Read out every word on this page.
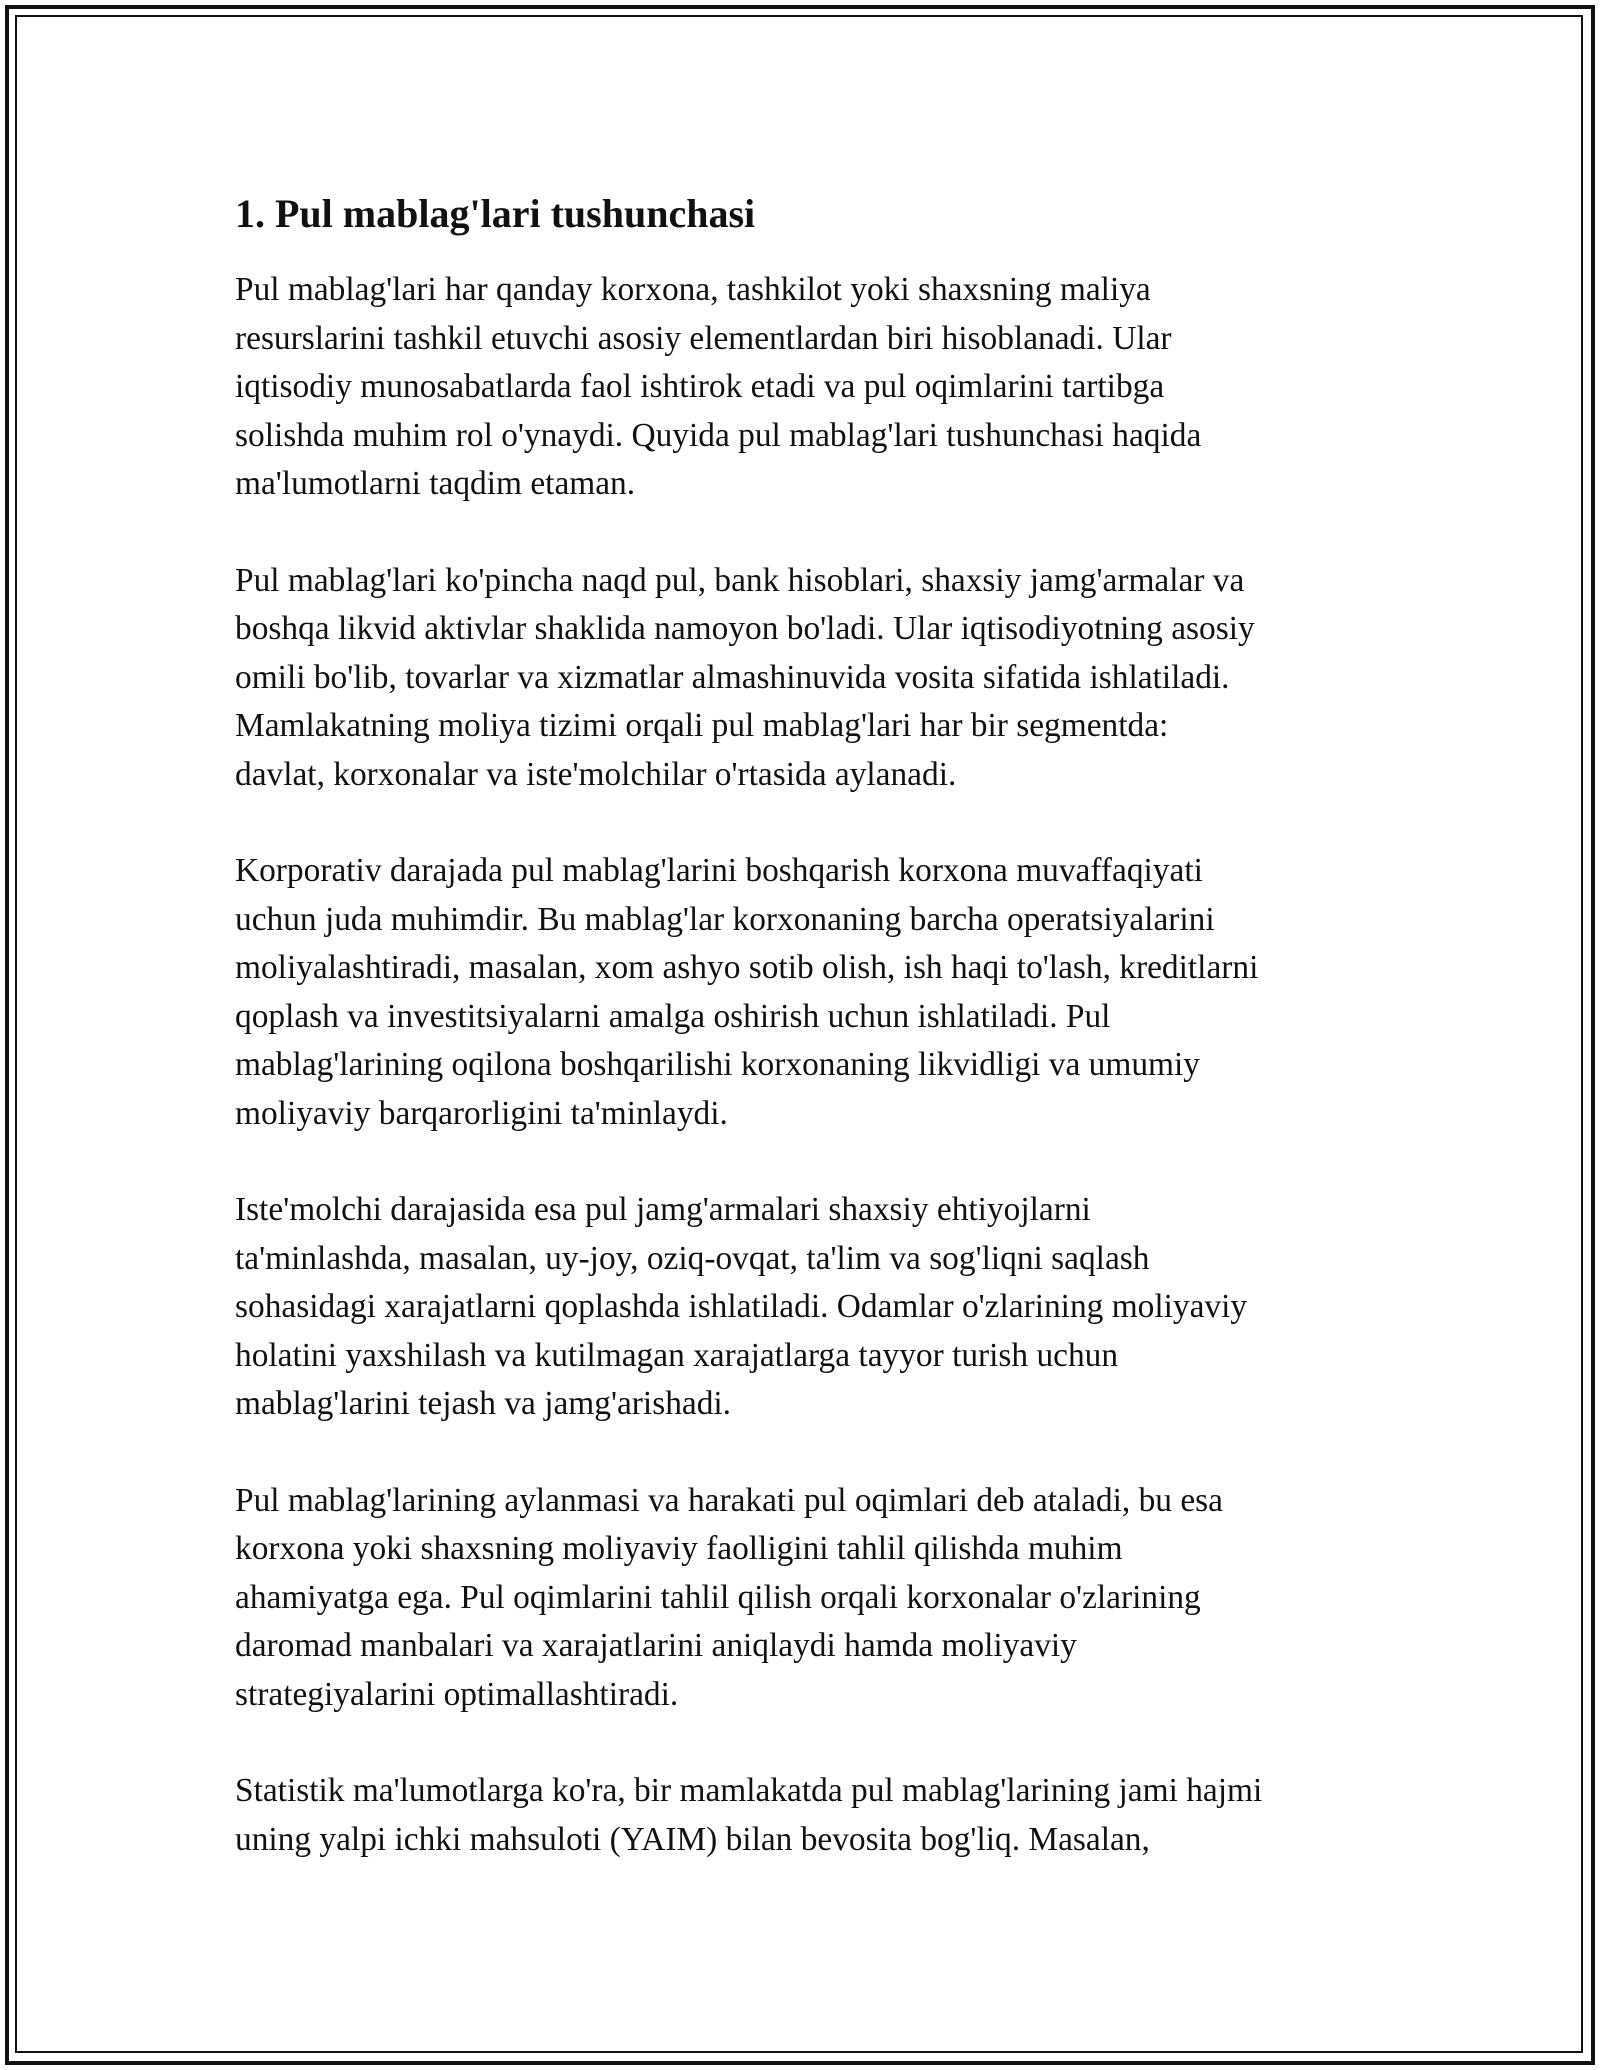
1. Pul mablag'lari tushunchasi

Pul mablag'lari har qanday korxona, tashkilot yoki shaxsning maliya
resurslarini tashkil etuvchi asosiy elementlardan biri hisoblanadi. Ular
iqtisodiy munosabatlarda faol ishtirok etadi va pul oqimlarini tartibga
solishda muhim rol o'ynaydi. Quyida pul mablag'lari tushunchasi haqida
ma'lumotlarni taqdim etaman.

Pul mablag'lari ko'pincha naqd pul, bank hisoblari, shaxsiy jamg'armalar va
boshqa likvid aktivlar shaklida namoyon bo'ladi. Ular iqtisodiyotning asosiy
omili bo'lib, tovarlar va xizmatlar almashinuvida vosita sifatida ishlatiladi.
Mamlakatning moliya tizimi orqali pul mablag'lari har bir segmentda:
davlat, korxonalar va iste'molchilar o'rtasida aylanadi.

Korporativ darajada pul mablag'larini boshqarish korxona muvaffaqiyati
uchun juda muhimdir. Bu mablag'lar korxonaning barcha operatsiyalarini
moliyalashtiradi, masalan, xom ashyo sotib olish, ish haqi to'lash, kreditlarni
qoplash va investitsiyalarni amalga oshirish uchun ishlatiladi. Pul
mablag'larining oqilona boshqarilishi korxonaning likvidligi va umumiy
moliyaviy barqarorligini ta'minlaydi.

Iste'molchi darajasida esa pul jamg'armalari shaxsiy ehtiyojlarni
ta'minlashda, masalan, uy-joy, oziq-ovqat, ta'lim va sog'liqni saqlash
sohasidagi xarajatlarni qoplashda ishlatiladi. Odamlar o'zlarining moliyaviy
holatini yaxshilash va kutilmagan xarajatlarga tayyor turish uchun
mablag'larini tejash va jamg'arishadi.

Pul mablag'larining aylanmasi va harakati pul oqimlari deb ataladi, bu esa
korxona yoki shaxsning moliyaviy faolligini tahlil qilishda muhim
ahamiyatga ega. Pul oqimlarini tahlil qilish orqali korxonalar o'zlarining
daromad manbalari va xarajatlarini aniqlaydi hamda moliyaviy
strategiyalarini optimallashtiradi.

Statistik ma'lumotlarga ko'ra, bir mamlakatda pul mablag'larining jami hajmi
uning yalpi ichki mahsuloti (YAIM) bilan bevosita bog'liq. Masalan,
